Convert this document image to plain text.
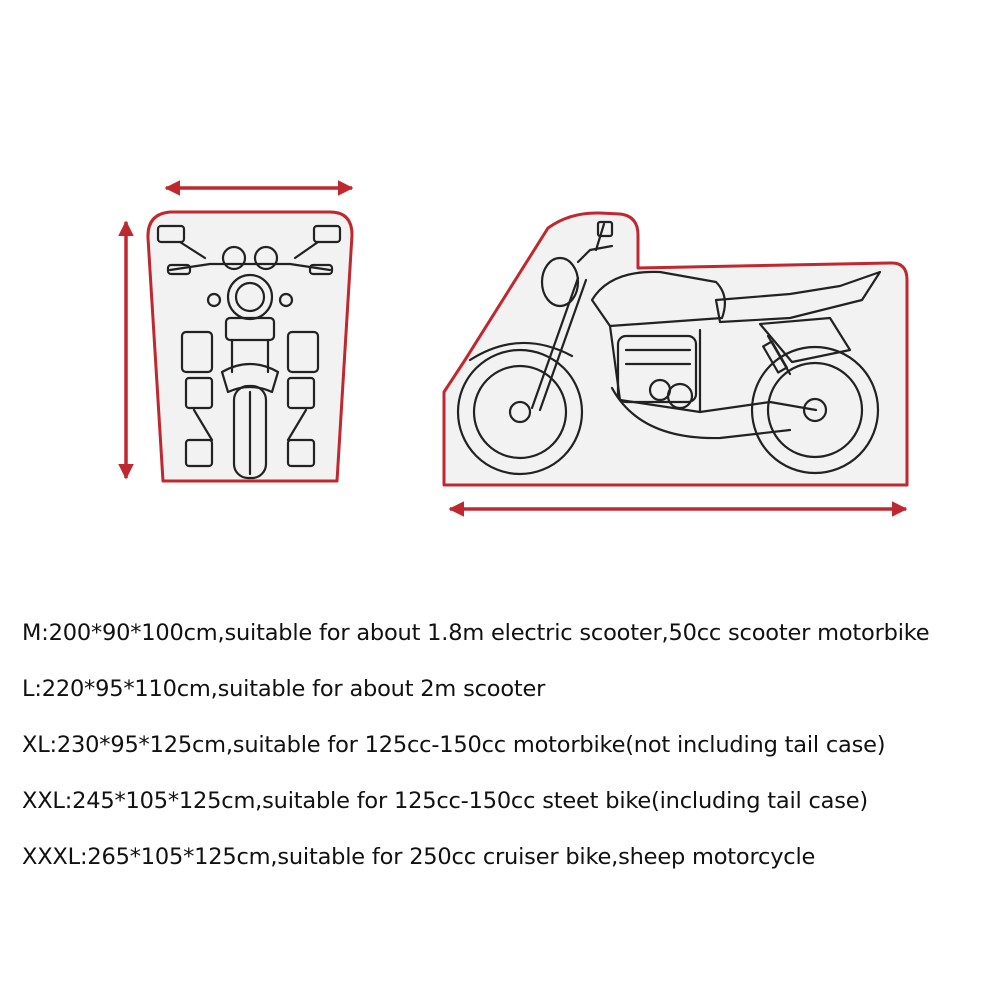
M:200*90*100cm,suitable for about 1.8m electric scooter,50cc scooter motorbike
L:220*95*110cm,suitable for about 2m scooter
XL:230*95*125cm,suitable for 125cc-150cc motorbike(not including tail case)
XXL:245*105*125cm,suitable for 125cc-150cc steet bike(including tail case)
XXXL:265*105*125cm,suitable for 250cc cruiser bike,sheep motorcycle
